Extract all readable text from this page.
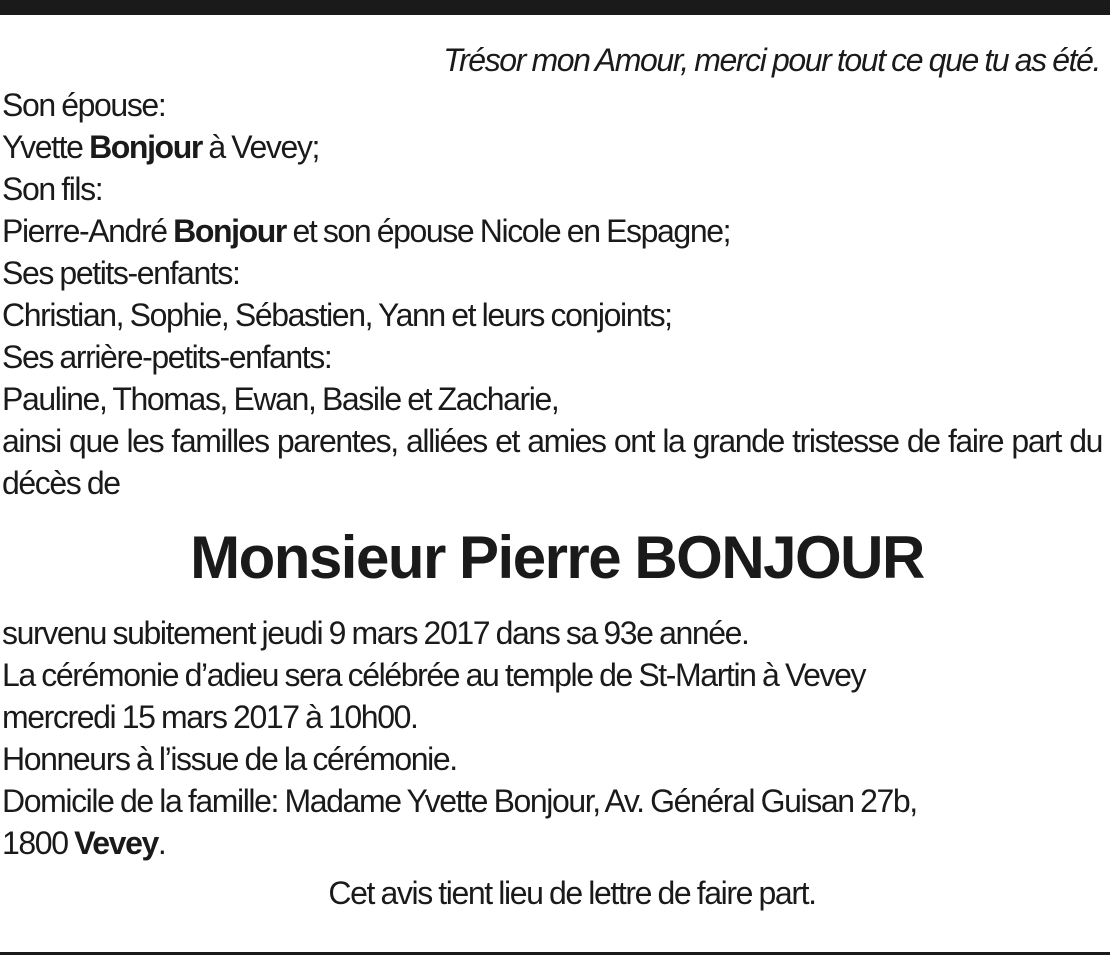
Trésor mon Amour, merci pour tout ce que tu as été.
Son épouse:
Yvette Bonjour à Vevey;
Son fils:
Pierre-André Bonjour et son épouse Nicole en Espagne;
Ses petits-enfants:
Christian, Sophie, Sébastien, Yann et leurs conjoints;
Ses arrière-petits-enfants:
Pauline, Thomas, Ewan, Basile et Zacharie,
ainsi que les familles parentes, alliées et amies ont la grande tristesse de faire part du décès de
Monsieur Pierre BONJOUR
survenu subitement jeudi 9 mars 2017 dans sa 93e année.
La cérémonie d’adieu sera célébrée au temple de St-Martin à Vevey
mercredi 15 mars 2017 à 10h00.
Honneurs à l’issue de la cérémonie.
Domicile de la famille: Madame Yvette Bonjour, Av. Général Guisan 27b,
1800 Vevey.
Cet avis tient lieu de lettre de faire part.
